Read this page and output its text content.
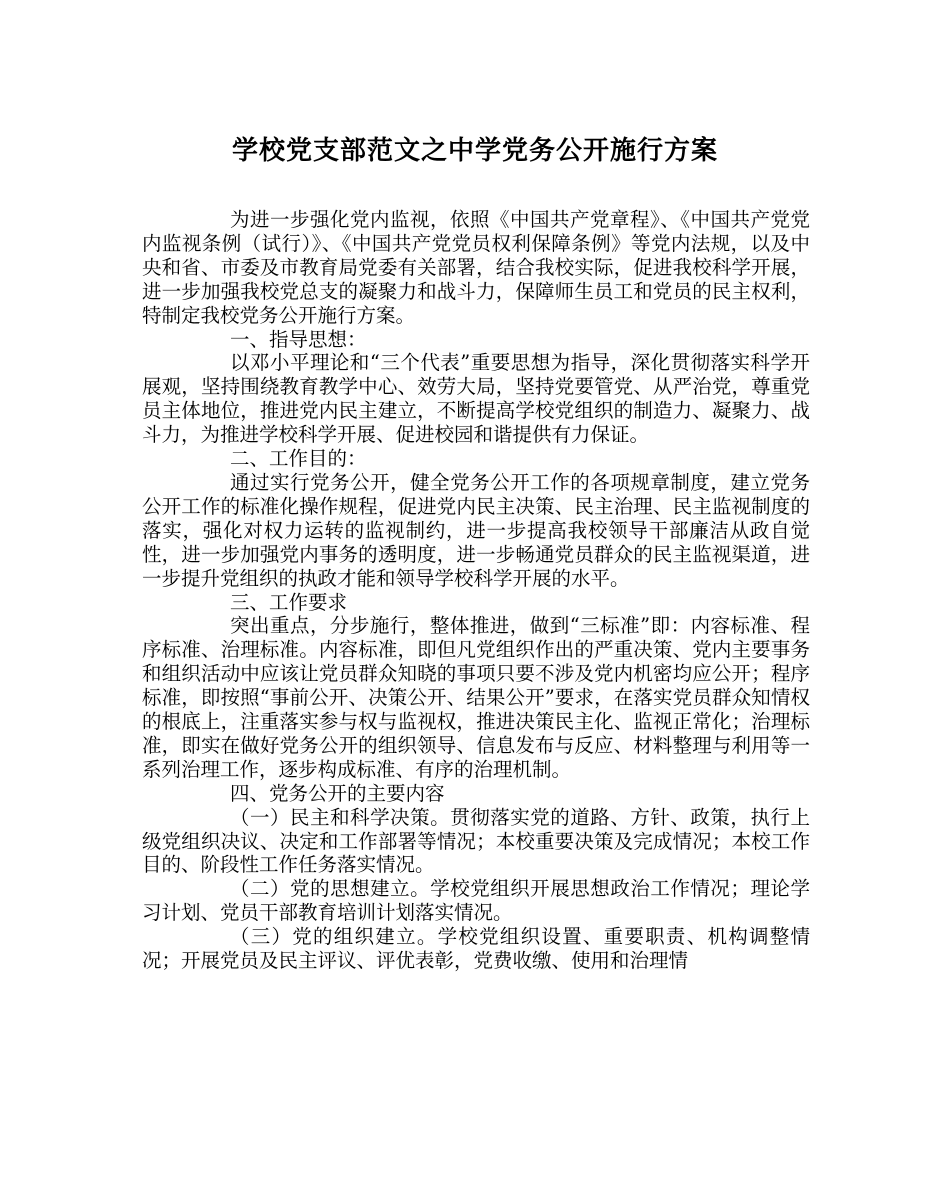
学校党支部范文之中学党务公开施行方案

为进一步强化党内监视，依照《中国共产党章程》、《中国共产党党内监视条例（试行）》、《中国共产党党员权利保障条例》等党内法规，以及中央和省、市委及市教育局党委有关部署，结合我校实际，促进我校科学开展，进一步加强我校党总支的凝聚力和战斗力，保障师生员工和党员的民主权利，特制定我校党务公开施行方案。

一、指导思想：

以邓小平理论和“三个代表”重要思想为指导，深化贯彻落实科学开展观，坚持围绕教育教学中心、效劳大局，坚持党要管党、从严治党，尊重党员主体地位，推进党内民主建立，不断提高学校党组织的制造力、凝聚力、战斗力，为推进学校科学开展、促进校园和谐提供有力保证。

二、工作目的：

通过实行党务公开，健全党务公开工作的各项规章制度，建立党务公开工作的标准化操作规程，促进党内民主决策、民主治理、民主监视制度的落实，强化对权力运转的监视制约，进一步提高我校领导干部廉洁从政自觉性，进一步加强党内事务的透明度，进一步畅通党员群众的民主监视渠道，进一步提升党组织的执政才能和领导学校科学开展的水平。

三、工作要求

突出重点，分步施行，整体推进，做到“三标准”即：内容标准、程序标准、治理标准。内容标准，即但凡党组织作出的严重决策、党内主要事务和组织活动中应该让党员群众知晓的事项只要不涉及党内机密均应公开；程序标准，即按照“事前公开、决策公开、结果公开”要求，在落实党员群众知情权的根底上，注重落实参与权与监视权，推进决策民主化、监视正常化；治理标准，即实在做好党务公开的组织领导、信息发布与反应、材料整理与利用等一系列治理工作，逐步构成标准、有序的治理机制。

四、党务公开的主要内容

（一）民主和科学决策。贯彻落实党的道路、方针、政策，执行上级党组织决议、决定和工作部署等情况；本校重要决策及完成情况；本校工作目的、阶段性工作任务落实情况。

（二）党的思想建立。学校党组织开展思想政治工作情况；理论学习计划、党员干部教育培训计划落实情况。

（三）党的组织建立。学校党组织设置、重要职责、机构调整情况；开展党员及民主评议、评优表彰，党费收缴、使用和治理情
